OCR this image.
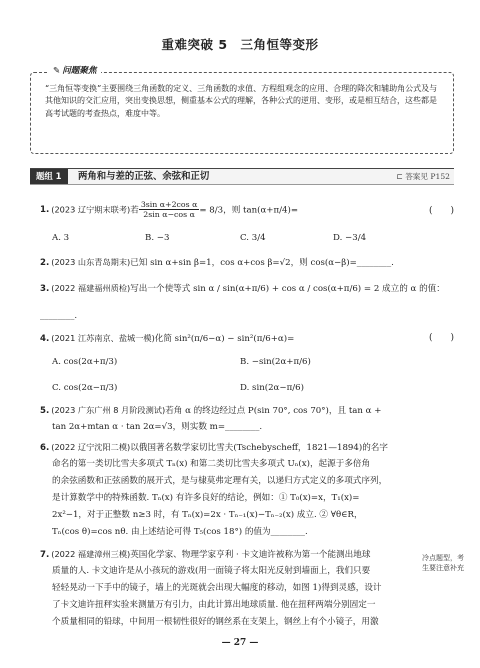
重难突破 5　三角恒等变形
✎ 问题聚焦
“三角恒等变换”主要围绕三角函数的定义、三角函数的求值、方程组观念的应用、合理的降次和辅助角公式及与其他知识的交汇应用，突出变换思想，侧重基本公式的理解，各种公式的逆用、变形，或是相互结合，这些都是高考试题的考查热点，难度中等。
题组 1	两角和与差的正弦、余弦和正切	⊏ 答案见 P152
1. (2023 辽宁期末联考)若 $\frac{\text{3sin α+2cos α}}{\text{2sin α−cos α}} = 8/3$，则 tan(α+π/4)=	(　　)
A. 3	B. −3	C. 3/4	D. −3/4
2. (2023 山东青岛期末)已知 sin α+sin β=1，cos α+cos β=√2，则 cos(α−β)=________.
3. (2022 福建福州质检)写出一个使等式 sin α / sin(α+π/6) + cos α / cos(α+π/6) = 2 成立的 α 的值：
________.
4. (2021 江苏南京、盐城一模)化简 sin²(π/6−α) − sin²(π/6+α)=	(　　)
A. cos(2α+π/3)	B. −sin(2α+π/6)
C. cos(2α−π/3)	D. sin(2α−π/6)
5. (2023 广东广州 8 月阶段测试)若角 α 的终边经过点 P(sin 70°, cos 70°)，且 tan α +
tan 2α+mtan α · tan 2α=√3，则实数 m=________.
6. (2022 辽宁沈阳二模)以俄国著名数学家切比雪夫(Tschebyscheff，1821—1894)的名字
命名的第一类切比雪夫多项式 Tₙ(x) 和第二类切比雪夫多项式 Uₙ(x)，起源于多倍角
的余弦函数和正弦函数的展开式，是与棣莫弗定理有关，以递归方式定义的多项式序列，
是计算数学中的特殊函数. Tₙ(x) 有许多良好的结论，例如：① T₀(x)=x，T₁(x)=
2x²−1，对于正整数 n≥3 时，有 Tₙ(x)=2x · Tₙ₋₁(x)−Tₙ₋₂(x) 成立. ② ∀θ∈R，
Tₙ(cos θ)=cos nθ. 由上述结论可得 T₅(cos 18°) 的值为________.
7. (2022 福建漳州三模)英国化学家、物理学家亨利 · 卡文迪许被称为第一个能测出地球
质量的人. 卡文迪许是从小孩玩的游戏(用一面镜子将太阳光反射到墙面上，我们只要
轻轻晃动一下手中的镜子，墙上的光斑就会出现大幅度的移动，如图 1)得到灵感，设计
了卡文迪许扭秤实验来测量万有引力，由此计算出地球质量. 他在扭秤两端分别固定一
个质量相同的铅球，中间用一根韧性很好的钢丝系在支架上，钢丝上有个小镜子，用激
冷点题型，考生要注意补充
— 27 —
